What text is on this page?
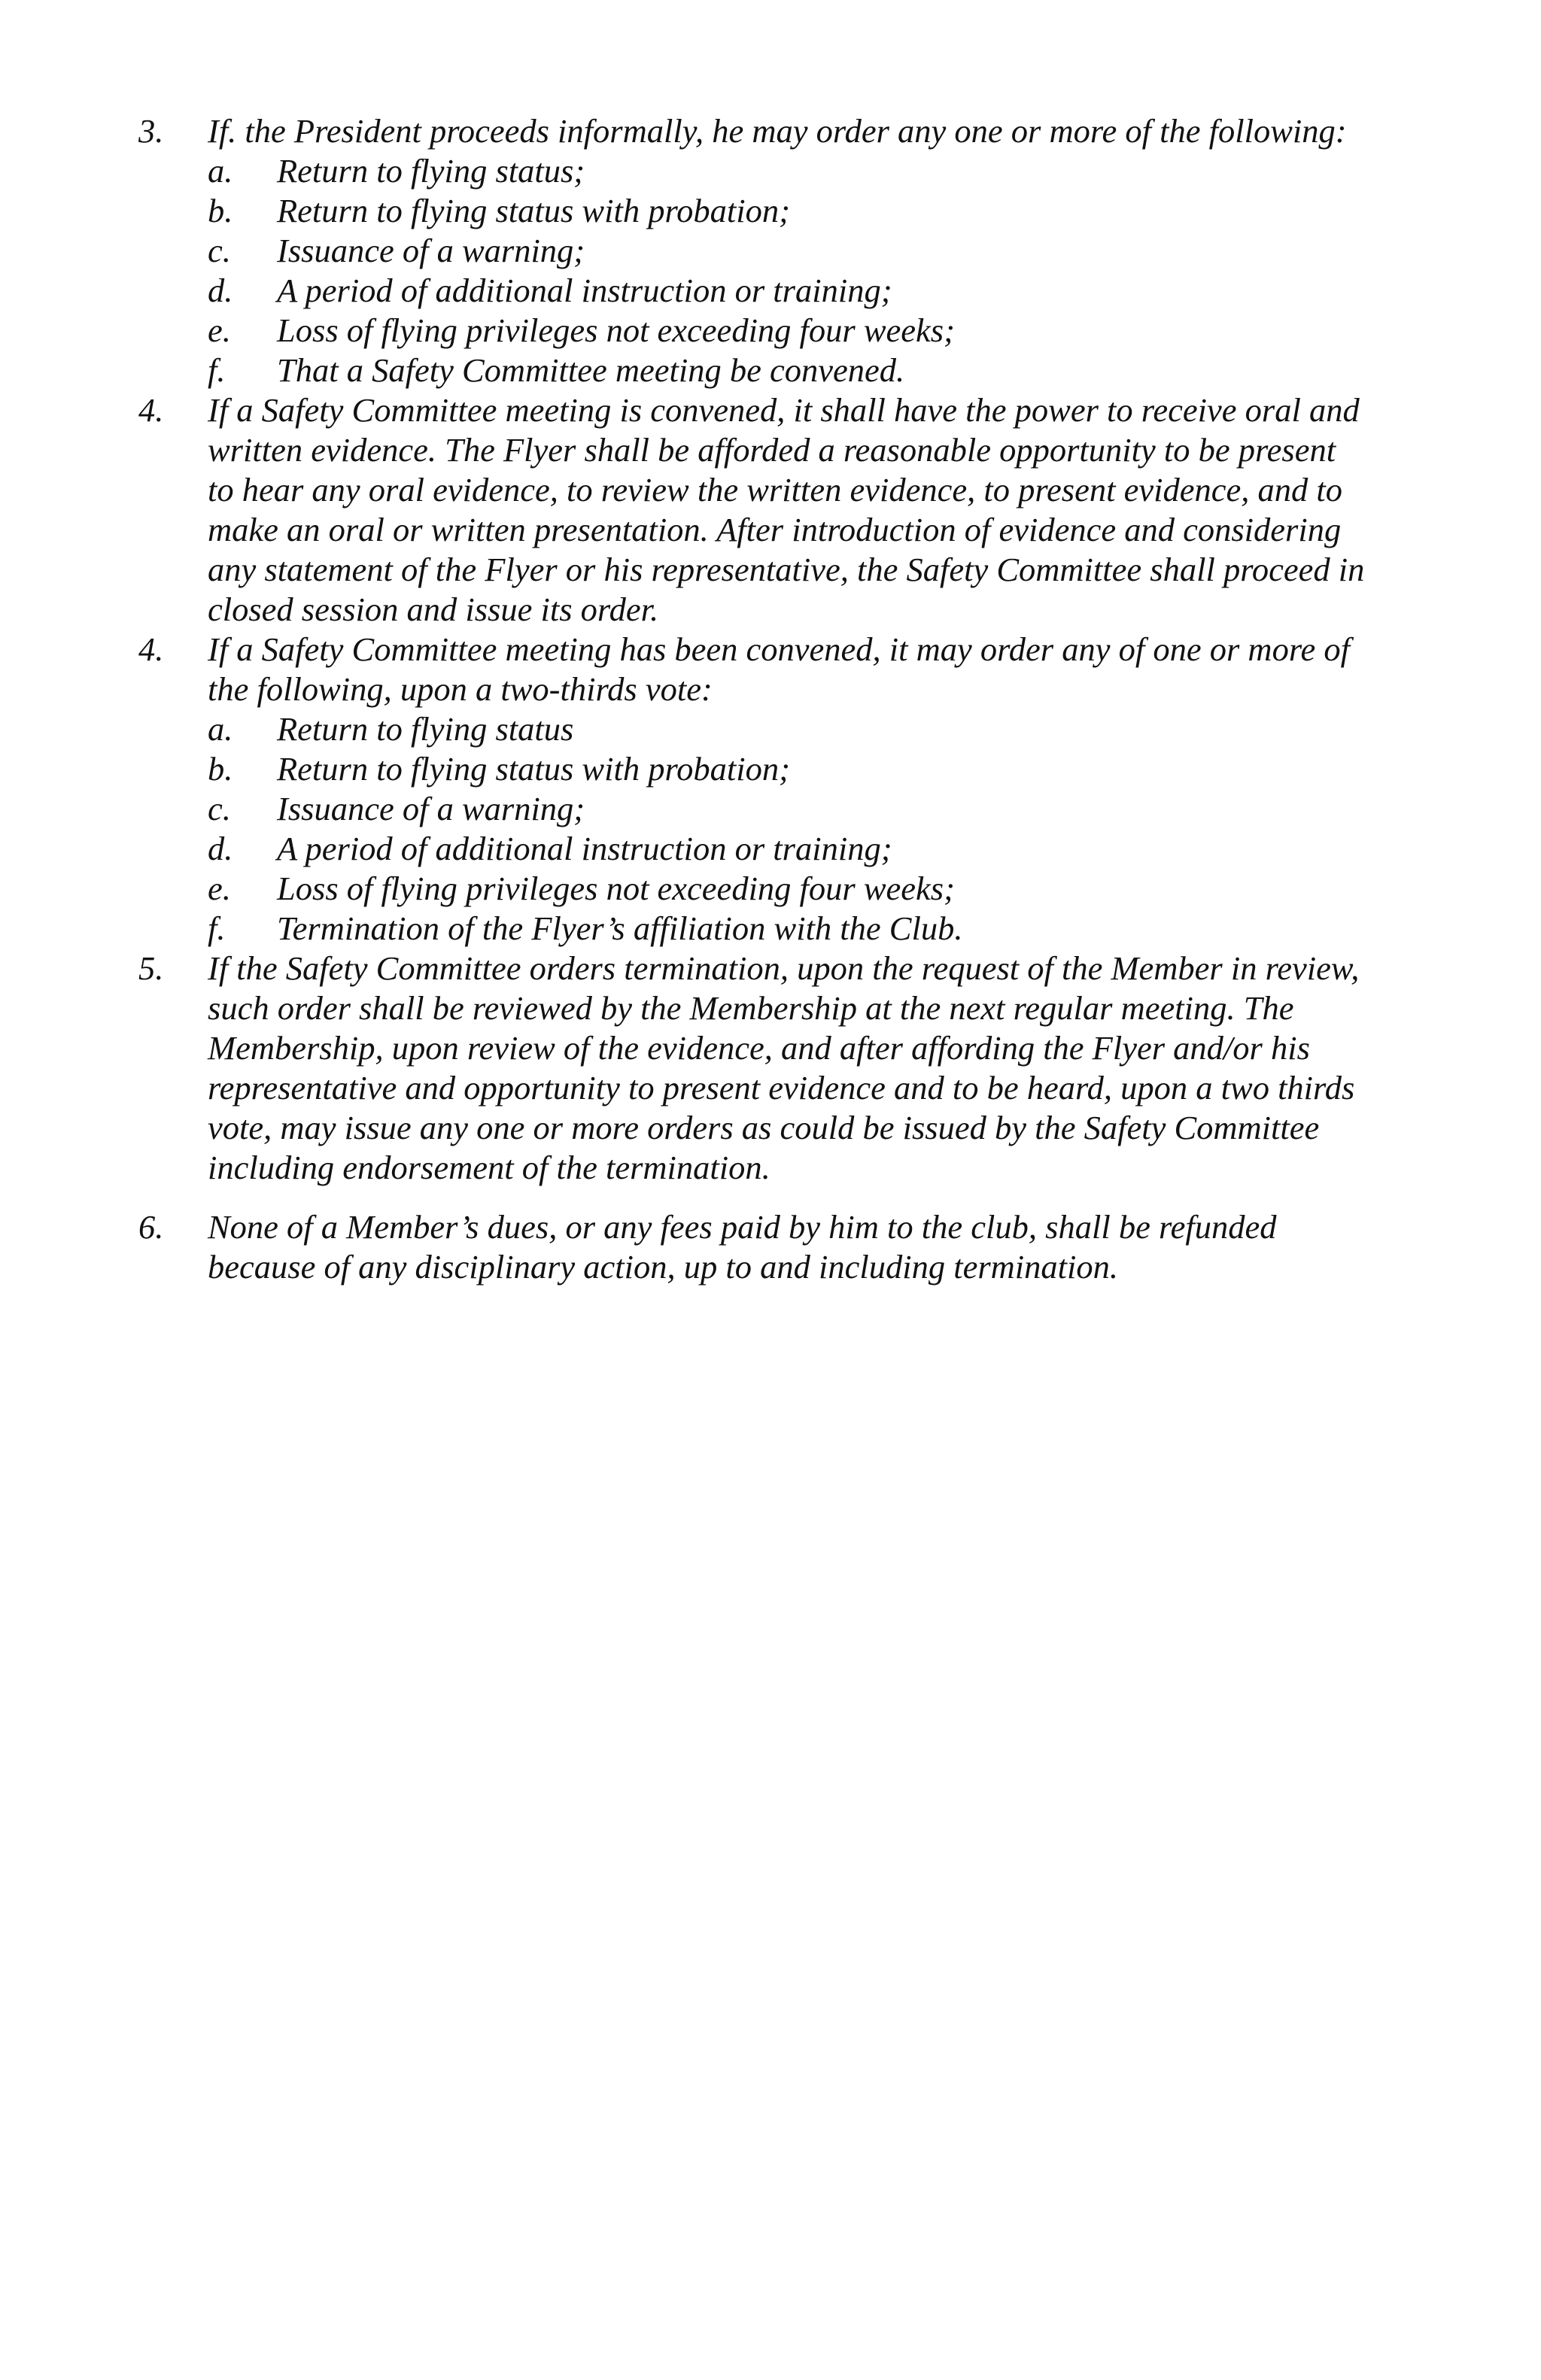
3.	If. the President proceeds informally, he may order any one or more of the following:
a.	Return to flying status;
b.	Return to flying status with probation;
c.	Issuance of a warning;
d.	A period of additional instruction or training;
e.	Loss of flying privileges not exceeding four weeks;
f.	That a Safety Committee meeting be convened.
4.	If a Safety Committee meeting is convened, it shall have the power to receive oral and
written evidence. The Flyer shall be afforded a reasonable opportunity to be present
to hear any oral evidence, to review the written evidence, to present evidence, and to
make an oral or written presentation. After introduction of evidence and considering
any statement of the Flyer or his representative, the Safety Committee shall proceed in
closed session and issue its order.
4.	If a Safety Committee meeting has been convened, it may order any of one or more of
the following, upon a two-thirds vote:
a.	Return to flying status
b.	Return to flying status with probation;
c.	Issuance of a warning;
d.	A period of additional instruction or training;
e.	Loss of flying privileges not exceeding four weeks;
f.	Termination of the Flyer’s affiliation with the Club.
5.	If the Safety Committee orders termination, upon the request of the Member in review,
such order shall be reviewed by the Membership at the next regular meeting. The
Membership, upon review of the evidence, and after affording the Flyer and/or his
representative and opportunity to present evidence and to be heard, upon a two thirds
vote, may issue any one or more orders as could be issued by the Safety Committee
including endorsement of the termination.
6.	None of a Member’s dues, or any fees paid by him to the club, shall be refunded
because of any disciplinary action, up to and including termination.
